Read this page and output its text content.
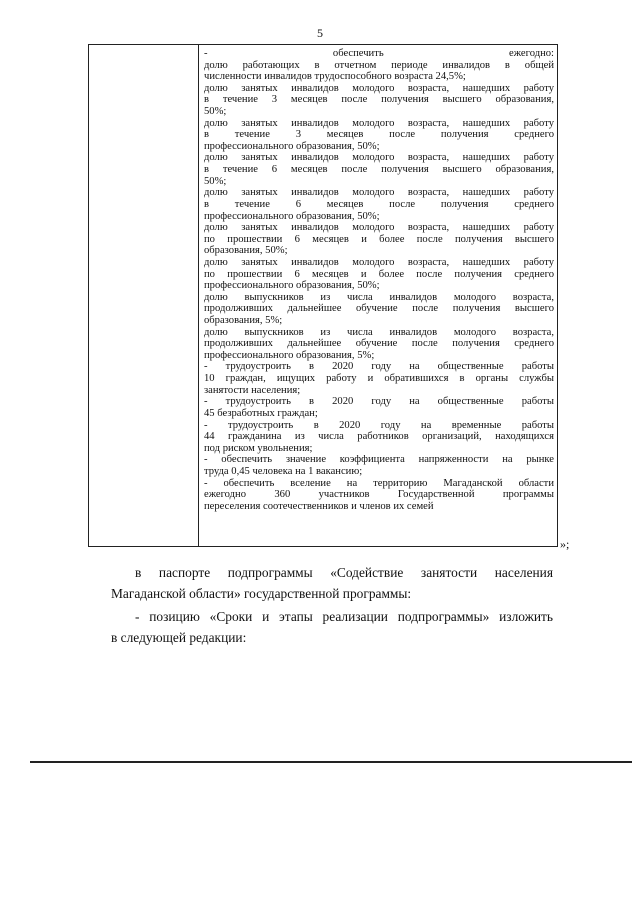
5
- обеспечить ежегодно:
долю работающих в отчетном периоде инвалидов в общей
численности инвалидов трудоспособного возраста 24,5%;
долю занятых инвалидов молодого возраста, нашедших работу
в течение 3 месяцев после получения высшего образования,
50%;
долю занятых инвалидов молодого возраста, нашедших работу
в течение 3 месяцев после получения среднего
профессионального образования, 50%;
долю занятых инвалидов молодого возраста, нашедших работу
в течение 6 месяцев после получения высшего образования,
50%;
долю занятых инвалидов молодого возраста, нашедших работу
в течение 6 месяцев после получения среднего
профессионального образования, 50%;
долю занятых инвалидов молодого возраста, нашедших работу
по прошествии 6 месяцев и более после получения высшего
образования, 50%;
долю занятых инвалидов молодого возраста, нашедших работу
по прошествии 6 месяцев и более после получения среднего
профессионального образования, 50%;
долю выпускников из числа инвалидов молодого возраста,
продолживших дальнейшее обучение после получения высшего
образования, 5%;
долю выпускников из числа инвалидов молодого возраста,
продолживших дальнейшее обучение после получения среднего
профессионального образования, 5%;
- трудоустроить в 2020 году на общественные работы
10 граждан, ищущих работу и обратившихся в органы службы
занятости населения;
- трудоустроить в 2020 году на общественные работы
45 безработных граждан;
- трудоустроить в 2020 году на временные работы
44 гражданина из числа работников организаций, находящихся
под риском увольнения;
- обеспечить значение коэффициента напряженности на рынке
труда 0,45 человека на 1 вакансию;
- обеспечить вселение на территорию Магаданской области
ежегодно 360 участников Государственной программы
переселения соотечественников и членов их семей
»;
в паспорте подпрограммы «Содействие занятости населения
Магаданской области» государственной программы:
- позицию «Сроки и этапы реализации подпрограммы» изложить
в следующей редакции:
